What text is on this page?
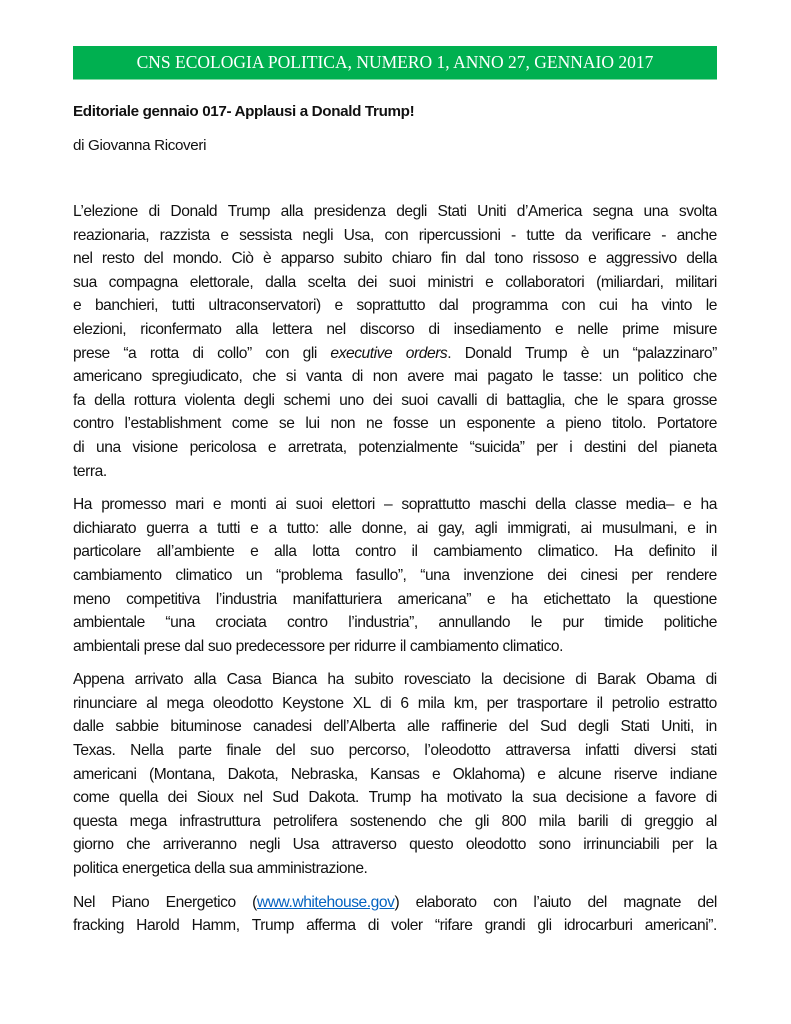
CNS ECOLOGIA POLITICA, NUMERO 1, ANNO 27, GENNAIO 2017
Editoriale gennaio 017- Applausi a Donald Trump!
di Giovanna Ricoveri
L’elezione di Donald Trump alla presidenza degli Stati Uniti d’America segna una svolta
reazionaria, razzista e sessista negli Usa, con ripercussioni - tutte da verificare - anche
nel resto del mondo. Ciò è apparso subito chiaro fin dal tono rissoso e aggressivo della
sua compagna elettorale, dalla scelta dei suoi ministri e collaboratori (miliardari, militari
e banchieri, tutti ultraconservatori) e soprattutto dal programma con cui ha vinto le
elezioni, riconfermato alla lettera nel discorso di insediamento e nelle prime misure
prese “a rotta di collo” con gli executive orders. Donald Trump è un “palazzinaro”
americano spregiudicato, che si vanta di non avere mai pagato le tasse: un politico che
fa della rottura violenta degli schemi uno dei suoi cavalli di battaglia, che le spara grosse
contro l’establishment come se lui non ne fosse un esponente a pieno titolo. Portatore
di una visione pericolosa e arretrata, potenzialmente “suicida” per i destini del pianeta
terra.
Ha promesso mari e monti ai suoi elettori – soprattutto maschi della classe media– e ha
dichiarato guerra a tutti e a tutto: alle donne, ai gay, agli immigrati, ai musulmani, e in
particolare all’ambiente e alla lotta contro il cambiamento climatico. Ha definito il
cambiamento climatico un “problema fasullo”, “una invenzione dei cinesi per rendere
meno competitiva l’industria manifatturiera americana” e ha etichettato la questione
ambientale “una crociata contro l’industria”, annullando le pur timide politiche
ambientali prese dal suo predecessore per ridurre il cambiamento climatico.
Appena arrivato alla Casa Bianca ha subito rovesciato la decisione di Barak Obama di
rinunciare al mega oleodotto Keystone XL di 6 mila km, per trasportare il petrolio estratto
dalle sabbie bituminose canadesi dell’Alberta alle raffinerie del Sud degli Stati Uniti, in
Texas. Nella parte finale del suo percorso, l’oleodotto attraversa infatti diversi stati
americani (Montana, Dakota, Nebraska, Kansas e Oklahoma) e alcune riserve indiane
come quella dei Sioux nel Sud Dakota. Trump ha motivato la sua decisione a favore di
questa mega infrastruttura petrolifera sostenendo che gli 800 mila barili di greggio al
giorno che arriveranno negli Usa attraverso questo oleodotto sono irrinunciabili per la
politica energetica della sua amministrazione.
Nel Piano Energetico (www.whitehouse.gov) elaborato con l’aiuto del magnate del
fracking Harold Hamm, Trump afferma di voler “rifare grandi gli idrocarburi americani”.
